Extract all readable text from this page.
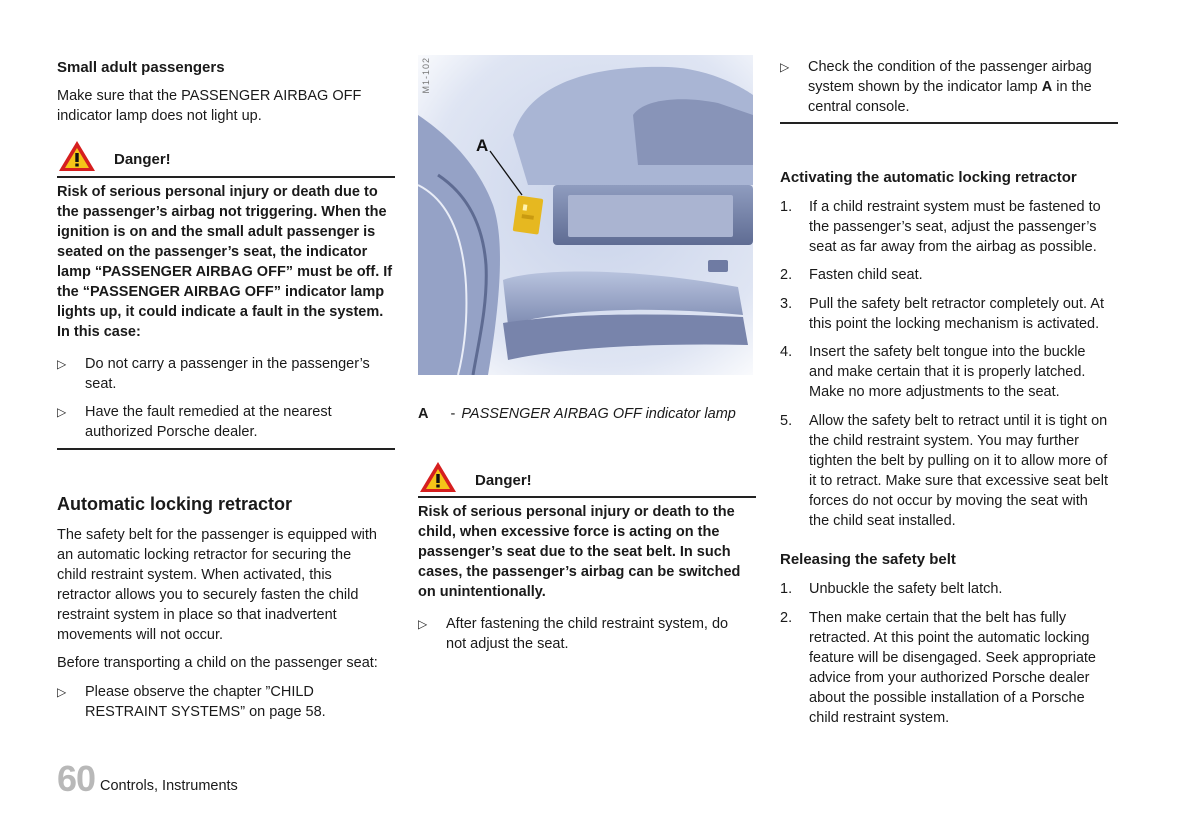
Small adult passengers

Make sure that the PASSENGER AIRBAG OFF indicator lamp does not light up.

Danger!

Risk of serious personal injury or death due to the passenger’s airbag not triggering. When the ignition is on and the small adult passenger is seated on the passenger’s seat, the indicator lamp “PASSENGER AIRBAG OFF” must be off. If the “PASSENGER AIRBAG OFF” indicator lamp lights up, it could indicate a fault in the system. In this case:

▷ Do not carry a passenger in the passenger’s seat.
▷ Have the fault remedied at the nearest authorized Porsche dealer.
Automatic locking retractor

The safety belt for the passenger is equipped with an automatic locking retractor for securing the child restraint system. When activated, this retractor allows you to securely fasten the child restraint system in place so that inadvertent movements will not occur.

Before transporting a child on the passenger seat:

▷ Please observe the chapter ”CHILD RESTRAINT SYSTEMS” on page 58.
A
M1-102
A - PASSENGER AIRBAG OFF indicator lamp
Danger!

Risk of serious personal injury or death to the child, when excessive force is acting on the passenger’s seat due to the seat belt. In such cases, the passenger’s airbag can be switched on unintentionally.

▷ After fastening the child restraint system, do not adjust the seat.
▷ Check the condition of the passenger airbag system shown by the indicator lamp A in the central console.
Activating the automatic locking retractor
1.	If a child restraint system must be fastened to the passenger’s seat, adjust the passenger’s seat as far away from the airbag as possible.
2.	Fasten child seat.
3.	Pull the safety belt retractor completely out. At this point the locking mechanism is activated.
4.	Insert the safety belt tongue into the buckle and make certain that it is properly latched. Make no more adjustments to the seat.
5.	Allow the safety belt to retract until it is tight on the child restraint system. You may further tighten the belt by pulling on it to allow more of it to retract. Make sure that excessive seat belt forces do not occur by moving the seat with the child seat installed.
Releasing the safety belt
1.	Unbuckle the safety belt latch.
2.	Then make certain that the belt has fully retracted. At this point the automatic locking feature will be disengaged. Seek appropriate advice from your authorized Porsche dealer about the possible installation of a Porsche child restraint system.
60 Controls, Instruments
